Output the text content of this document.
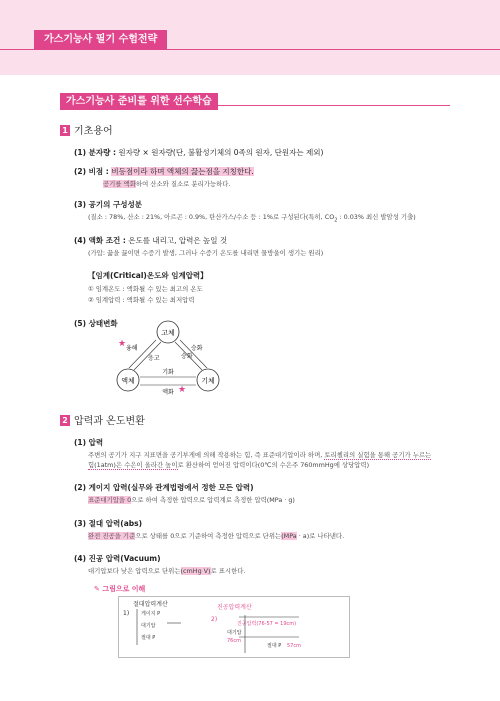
가스기능사 필기 수험전략
가스기능사 준비를 위한 선수학습
1 기초용어
(1) 분자량 : 원자량 × 원자량(단, 불활성기체의 0족의 원자, 단원자는 제외)
(2) 비점 : 비등점이라 하며 액체의 끓는점을 지칭한다.
공기를 액화하여 산소와 질소로 분리가능하다.
(3) 공기의 구성성분
(질소 : 78%, 산소 : 21%, 아르곤 : 0.9%, 탄산가스/수소 등 : 1%로 구성된다(특히, $CO_2$ : 0.03% 최신 발암성 기출)
(4) 액화 조건 : 온도를 내리고, 압력은 높일 것
(가압: 꿇을 끓이면 수증기 발생, 그러나 수증기 온도를 내리면 물방울이 생기는 원리)
【임계(Critical)온도와 임계압력】
① 임계온도 : 액화될 수 있는 최고의 온도
② 임계압력 : 액화될 수 있는 최저압력
(5) 상태변화
고체
액체	기체
융해
응고
기화
액화
승화
승화
★
★
2 압력과 온도변환
(1) 압력
주변의 공기가 지구 지표면을 공기부게에 의해 작용하는 힘, 즉 표준대기압이라 하며, 토리첼리의 실험을 통해 공기가 누르는 힘(1atm)은 수은이 올라간 높이로 환산하여 얻어진 압력이다(0℃의 수은주 760mmHg에 상당압력)
(2) 게이지 압력(실무와 관계법령에서 정한 모든 압력)
표준대기압을 0으로 하여 측정한 압력으로 압력계로 측정한 압력(MPa · g)
(3) 절대 압력(abs)
완전 진공을 기준으로 상태를 0으로 기준하여 측정한 압력으로 단위는(MPa · a)로 나타낸다.
(4) 진공 압력(Vacuum)
대기압보다 낮은 압력으로 단위는(cmHg V)로 표시한다.
✎ 그림으로 이해
절대압력계산
1) 게이지 P
대기압
절대 P
진공압력계산
2)
진공압력(76-57 = 19cm)
대기압
76cm
절대 P 57cm
